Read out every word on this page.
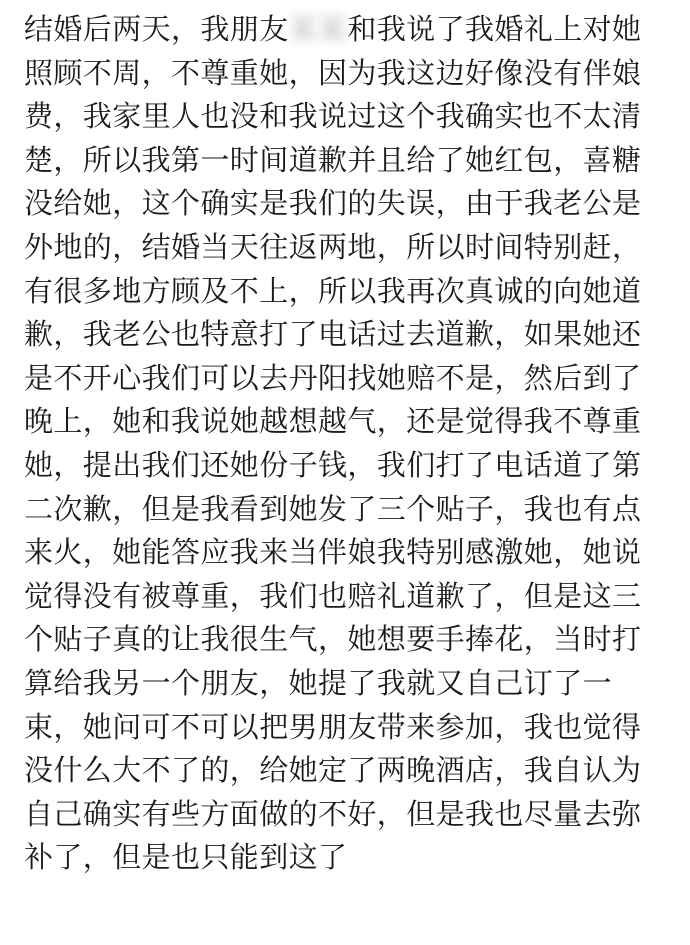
结婚后两天，我朋友某某和我说了我婚礼上对她
照顾不周，不尊重她，因为我这边好像没有伴娘
费，我家里人也没和我说过这个我确实也不太清
楚，所以我第一时间道歉并且给了她红包，喜糖
没给她，这个确实是我们的失误，由于我老公是
外地的，结婚当天往返两地，所以时间特别赶，
有很多地方顾及不上，所以我再次真诚的向她道
歉，我老公也特意打了电话过去道歉，如果她还
是不开心我们可以去丹阳找她赔不是，然后到了
晚上，她和我说她越想越气，还是觉得我不尊重
她，提出我们还她份子钱，我们打了电话道了第
二次歉，但是我看到她发了三个贴子，我也有点
来火，她能答应我来当伴娘我特别感激她，她说
觉得没有被尊重，我们也赔礼道歉了，但是这三
个贴子真的让我很生气，她想要手捧花，当时打
算给我另一个朋友，她提了我就又自己订了一
束，她问可不可以把男朋友带来参加，我也觉得
没什么大不了的，给她定了两晚酒店，我自认为
自己确实有些方面做的不好，但是我也尽量去弥
补了，但是也只能到这了
